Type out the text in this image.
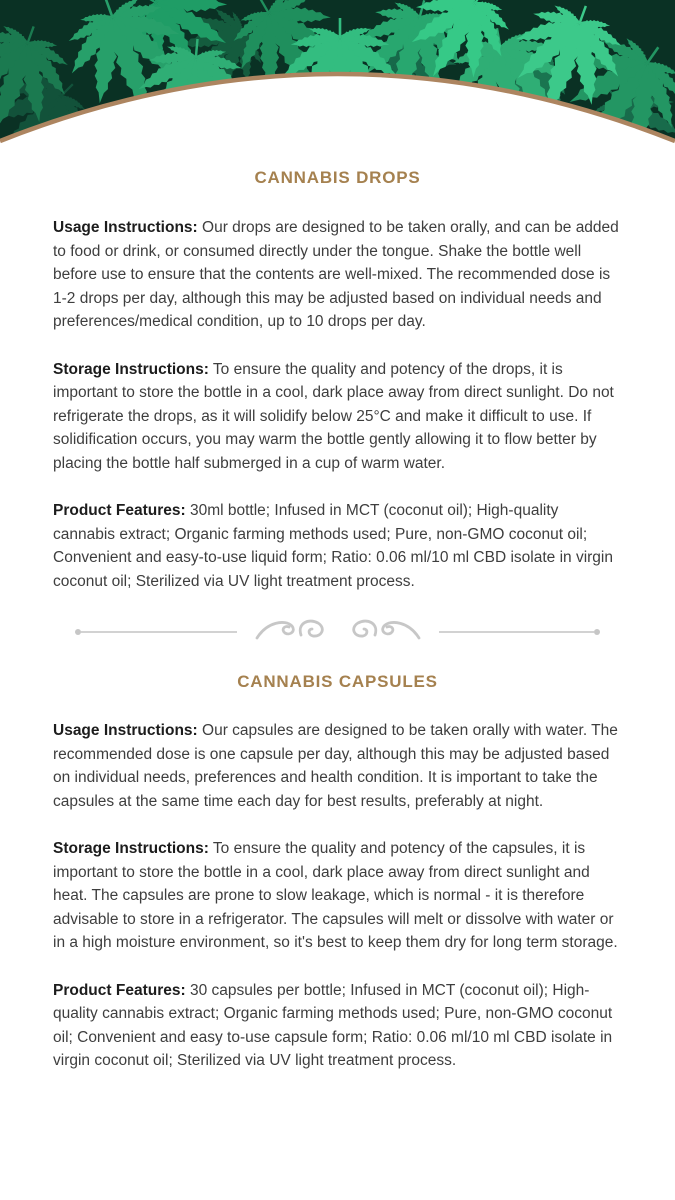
CANNABIS DROPS

Usage Instructions: Our drops are designed to be taken orally, and can be added to food or drink, or consumed directly under the tongue. Shake the bottle well before use to ensure that the contents are well-mixed. The recommended dose is 1-2 drops per day, although this may be adjusted based on individual needs and preferences/medical condition, up to 10 drops per day.

Storage Instructions: To ensure the quality and potency of the drops, it is important to store the bottle in a cool, dark place away from direct sunlight. Do not refrigerate the drops, as it will solidify below 25°C and make it difficult to use. If solidification occurs, you may warm the bottle gently allowing it to flow better by placing the bottle half submerged in a cup of warm water.

Product Features: 30ml bottle; Infused in MCT (coconut oil); High-quality cannabis extract; Organic farming methods used; Pure, non-GMO coconut oil; Convenient and easy-to-use liquid form; Ratio: 0.06 ml/10 ml CBD isolate in virgin coconut oil; Sterilized via UV light treatment process.

CANNABIS CAPSULES

Usage Instructions: Our capsules are designed to be taken orally with water. The recommended dose is one capsule per day, although this may be adjusted based on individual needs, preferences and health condition. It is important to take the capsules at the same time each day for best results, preferably at night.

Storage Instructions: To ensure the quality and potency of the capsules, it is important to store the bottle in a cool, dark place away from direct sunlight and heat. The capsules are prone to slow leakage, which is normal - it is therefore advisable to store in a refrigerator. The capsules will melt or dissolve with water or in a high moisture environment, so it's best to keep them dry for long term storage.

Product Features: 30 capsules per bottle; Infused in MCT (coconut oil); High-quality cannabis extract; Organic farming methods used; Pure, non-GMO coconut oil; Convenient and easy to-use capsule form; Ratio: 0.06 ml/10 ml CBD isolate in virgin coconut oil; Sterilized via UV light treatment process.
